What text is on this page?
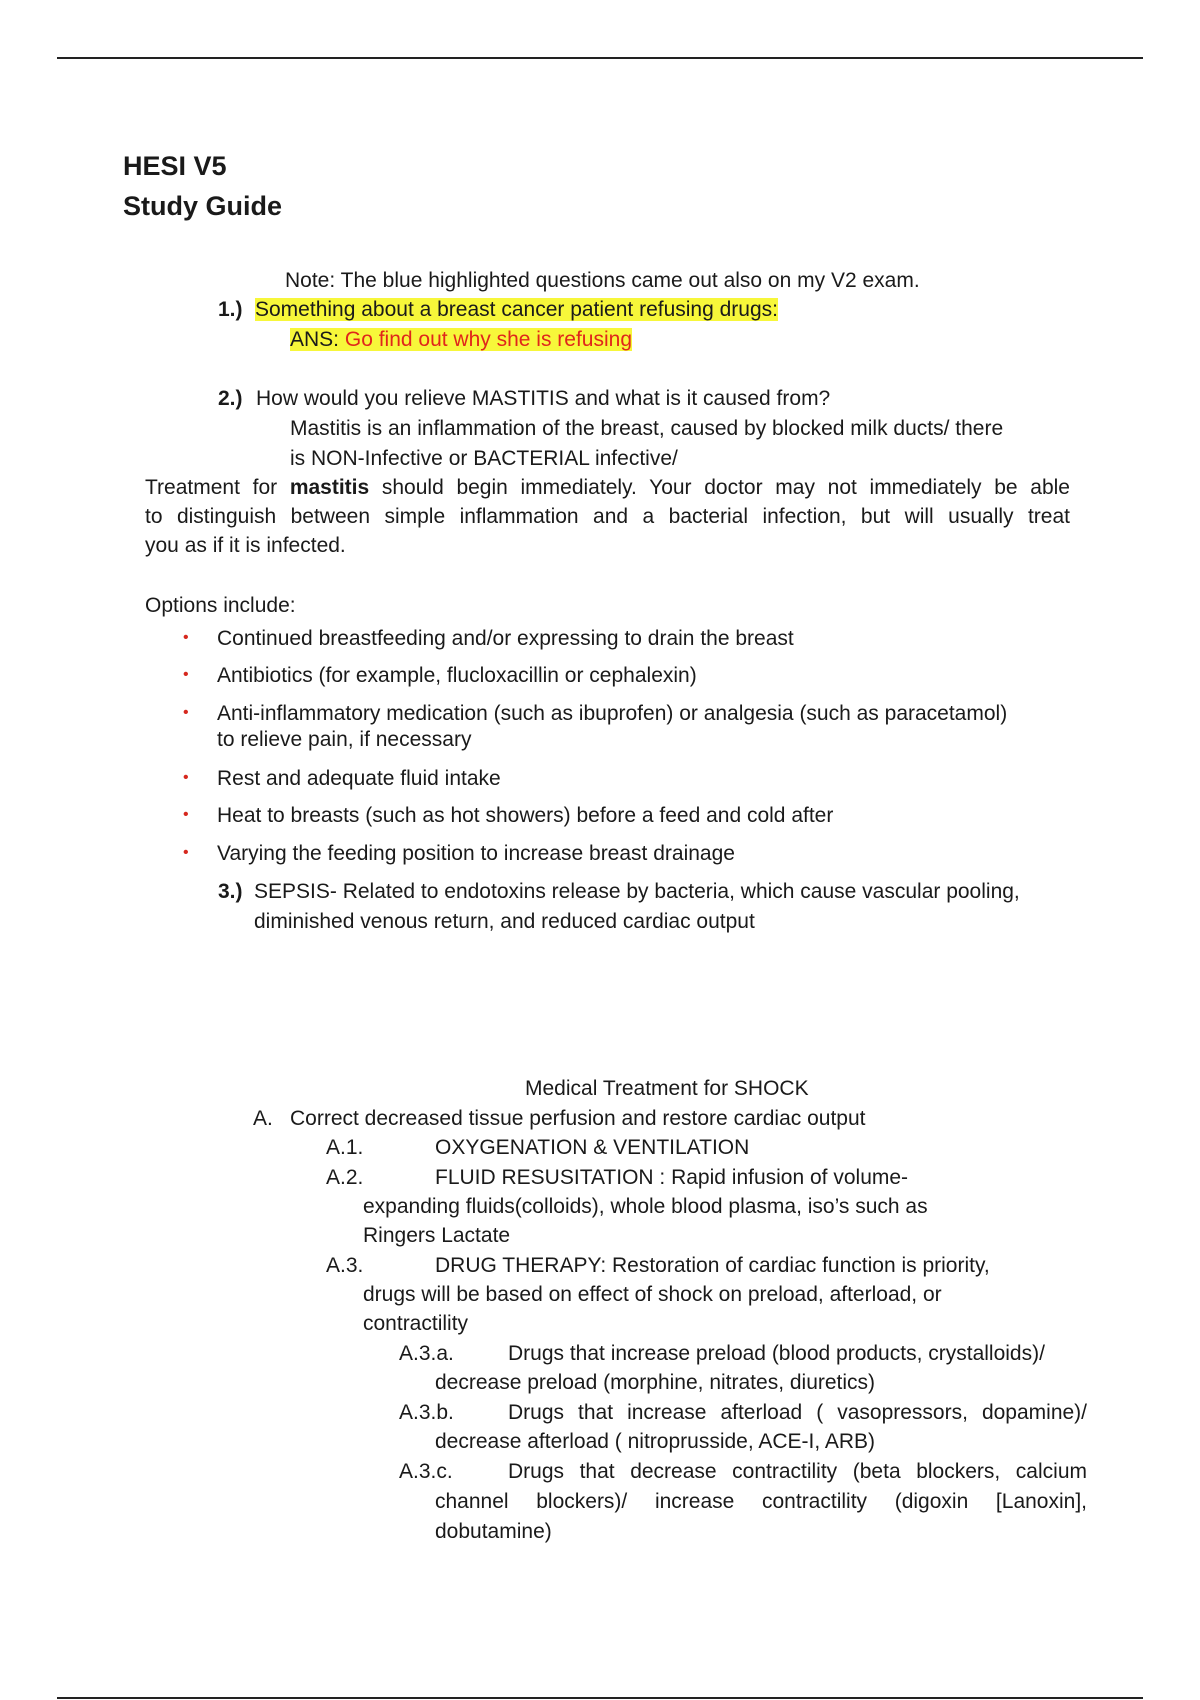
HESI V5
Study Guide
Note: The blue highlighted questions came out also on my V2 exam.
1.) Something about a breast cancer patient refusing drugs:
ANS: Go find out why she is refusing
2.) How would you relieve MASTITIS and what is it caused from?
Mastitis is an inflammation of the breast, caused by blocked milk ducts/ there
is NON-Infective or BACTERIAL infective/
Treatment for mastitis should begin immediately. Your doctor may not immediately be able
to distinguish between simple inflammation and a bacterial infection, but will usually treat
you as if it is infected.
Options include:
• Continued breastfeeding and/or expressing to drain the breast
• Antibiotics (for example, flucloxacillin or cephalexin)
• Anti-inflammatory medication (such as ibuprofen) or analgesia (such as paracetamol)
to relieve pain, if necessary
• Rest and adequate fluid intake
• Heat to breasts (such as hot showers) before a feed and cold after
• Varying the feeding position to increase breast drainage
3.) SEPSIS- Related to endotoxins release by bacteria, which cause vascular pooling,
diminished venous return, and reduced cardiac output
Medical Treatment for SHOCK
A. Correct decreased tissue perfusion and restore cardiac output
A.1.	OXYGENATION & VENTILATION
A.2.	FLUID RESUSITATION : Rapid infusion of volume-
expanding fluids(colloids), whole blood plasma, iso’s such as
Ringers Lactate
A.3.	DRUG THERAPY: Restoration of cardiac function is priority,
drugs will be based on effect of shock on preload, afterload, or
contractility
A.3.a.	Drugs that increase preload (blood products, crystalloids)/
decrease preload (morphine, nitrates, diuretics)
A.3.b.	Drugs that increase afterload ( vasopressors, dopamine)/
decrease afterload ( nitroprusside, ACE-I, ARB)
A.3.c.	Drugs that decrease contractility (beta blockers, calcium
channel blockers)/ increase contractility (digoxin [Lanoxin],
dobutamine)
